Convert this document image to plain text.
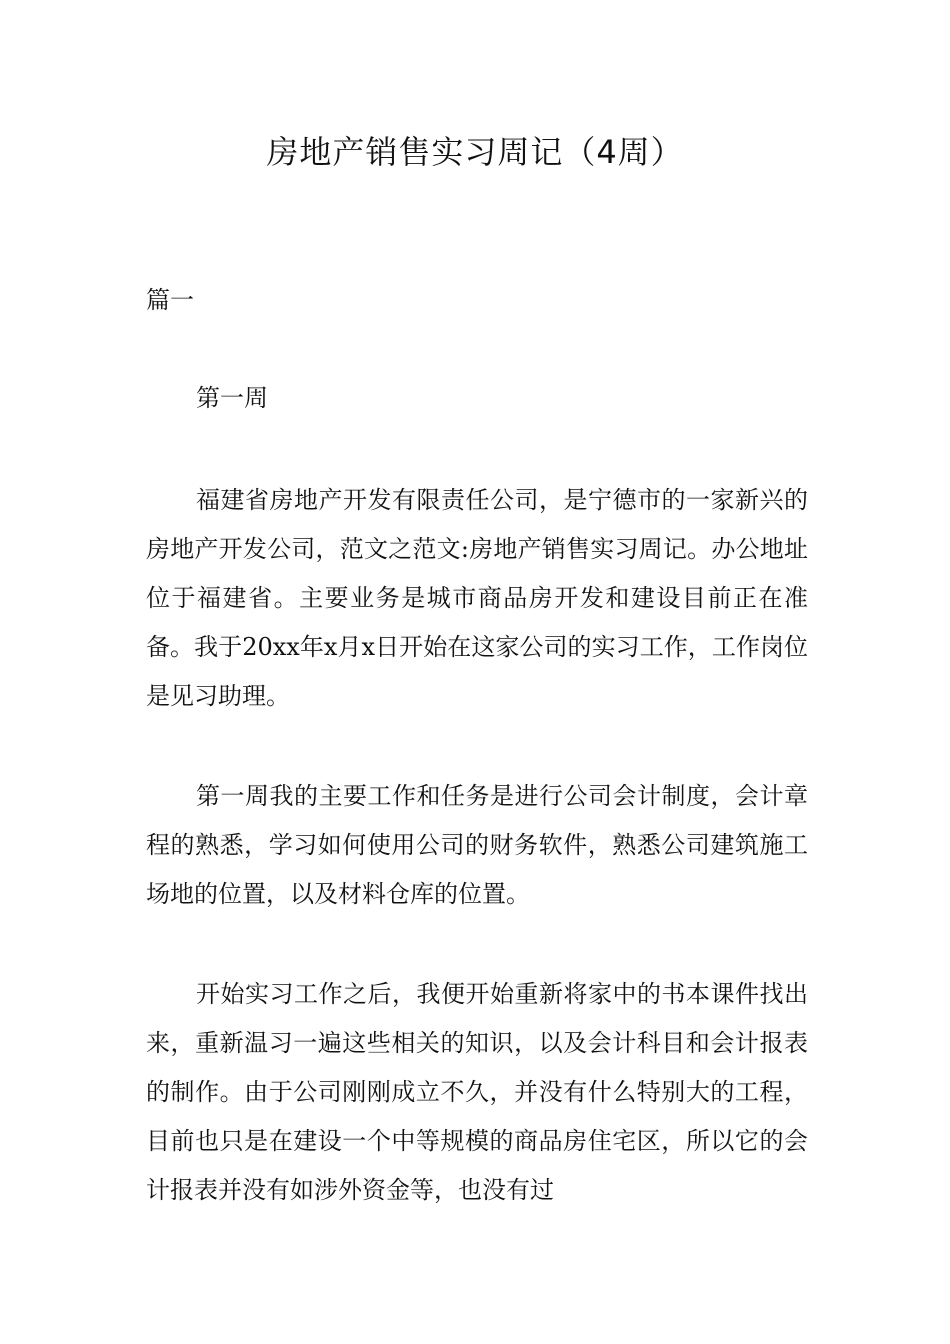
房地产销售实习周记（4周）

篇一

第一周

福建省房地产开发有限责任公司，是宁德市的一家新兴的房地产开发公司，范文之范文:房地产销售实习周记。办公地址位于福建省。主要业务是城市商品房开发和建设目前正在准备。我于20xx年x月x日开始在这家公司的实习工作，工作岗位是见习助理。

第一周我的主要工作和任务是进行公司会计制度，会计章程的熟悉，学习如何使用公司的财务软件，熟悉公司建筑施工场地的位置，以及材料仓库的位置。

开始实习工作之后，我便开始重新将家中的书本课件找出来，重新温习一遍这些相关的知识，以及会计科目和会计报表的制作。由于公司刚刚成立不久，并没有什么特别大的工程，目前也只是在建设一个中等规模的商品房住宅区，所以它的会计报表并没有如涉外资金等，也没有过
